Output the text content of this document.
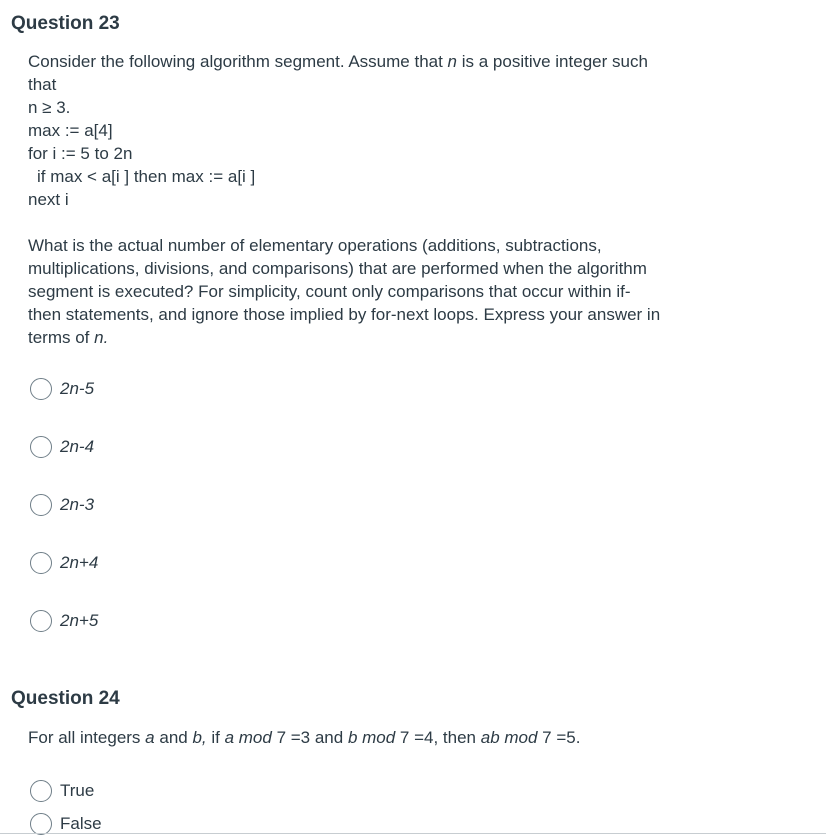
Question 23

Consider the following algorithm segment. Assume that n is a positive integer such

that

n ≥ 3.

max := a[4]

for i := 5 to 2n

if max < a[i ] then max := a[i ]

next i

What is the actual number of elementary operations (additions, subtractions,

multiplications, divisions, and comparisons) that are performed when the algorithm

segment is executed? For simplicity, count only comparisons that occur within if-

then statements, and ignore those implied by for-next loops. Express your answer in

terms of n.

2n-5
2n-4
2n-3
2n+4
2n+5
Question 24

For all integers a and b, if a mod 7 =3 and b mod 7 =4, then ab mod 7 =5.

True
False
